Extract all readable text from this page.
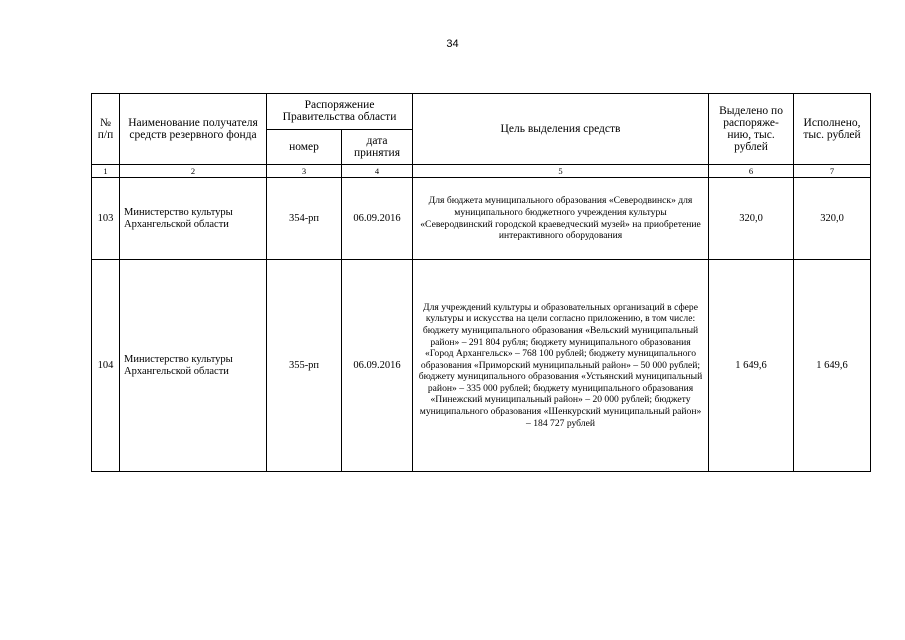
34
№ п/п	Наименование получателя средств резервного фонда	Распоряжение Правительства области		Цель выделения средств	Выделено по распоряже-нию, тыс. рублей	Исполнено, тыс. рублей
		номер	дата принятия			
1	2	3	4	5	6	7
103	Министерство культуры Архангельской области	354-рп	06.09.2016	Для бюджета муниципального образования «Северодвинск» для муниципального бюджетного учреждения культуры «Северодвинский городской краеведческий музей» на приобретение интерактивного оборудования	320,0	320,0
104	Министерство культуры Архангельской области	355-рп	06.09.2016	Для учреждений культуры и образовательных организаций в сфере культуры и искусства на цели согласно приложению, в том числе: бюджету муниципального образования «Вельский муниципальный район» – 291 804 рубля; бюджету муниципального образования «Город Архангельск» – 768 100 рублей; бюджету муниципального образования «Приморский муниципальный район» – 50 000 рублей; бюджету муниципального образования «Устьянский муниципальный район» – 335 000 рублей; бюджету муниципального образования «Пинежский муниципальный район» – 20 000 рублей; бюджету муниципального образования «Шенкурский муниципальный район» – 184 727 рублей	1 649,6	1 649,6
